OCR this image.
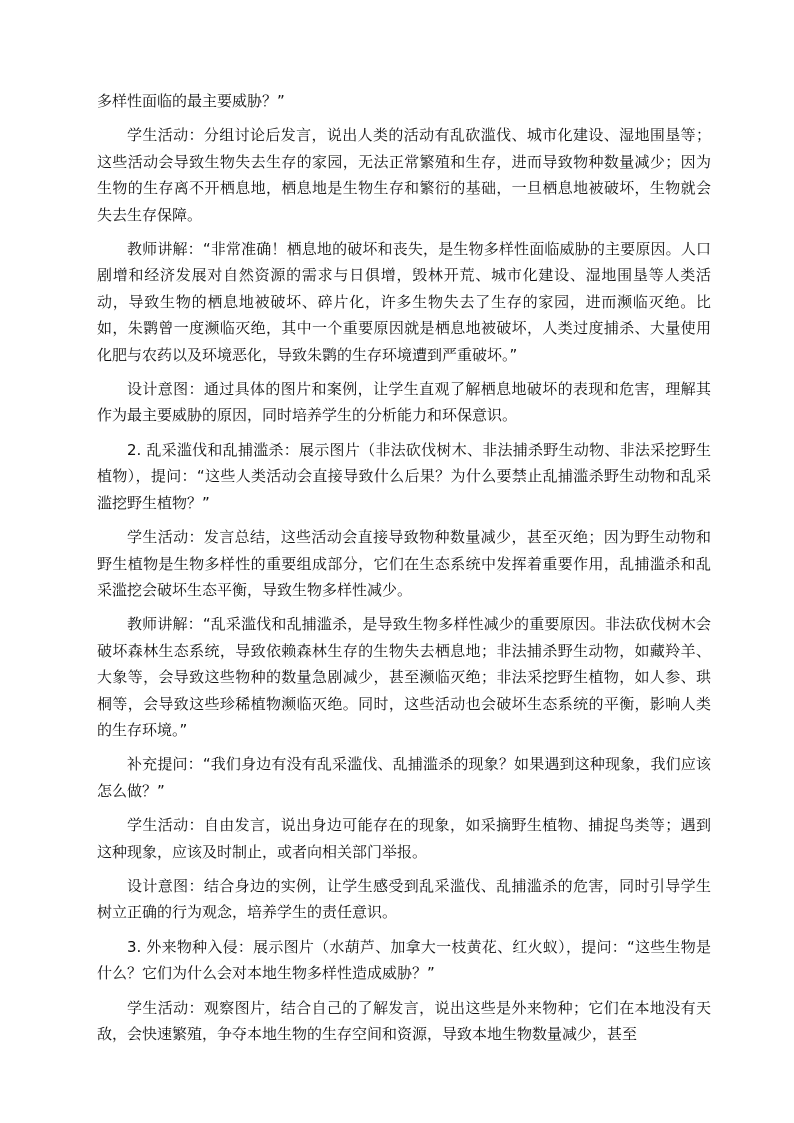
多样性面临的最主要威胁？”

学生活动：分组讨论后发言，说出人类的活动有乱砍滥伐、城市化建设、湿地围垦等；这些活动会导致生物失去生存的家园，无法正常繁殖和生存，进而导致物种数量减少；因为生物的生存离不开栖息地，栖息地是生物生存和繁衍的基础，一旦栖息地被破坏，生物就会失去生存保障。

教师讲解：“非常准确！栖息地的破坏和丧失，是生物多样性面临威胁的主要原因。人口剧增和经济发展对自然资源的需求与日俱增，毁林开荒、城市化建设、湿地围垦等人类活动，导致生物的栖息地被破坏、碎片化，许多生物失去了生存的家园，进而濒临灭绝。比如，朱鹮曾一度濒临灭绝，其中一个重要原因就是栖息地被破坏，人类过度捕杀、大量使用化肥与农药以及环境恶化，导致朱鹮的生存环境遭到严重破坏。”

设计意图：通过具体的图片和案例，让学生直观了解栖息地破坏的表现和危害，理解其作为最主要威胁的原因，同时培养学生的分析能力和环保意识。

2. 乱采滥伐和乱捕滥杀：展示图片（非法砍伐树木、非法捕杀野生动物、非法采挖野生植物），提问：“这些人类活动会直接导致什么后果？为什么要禁止乱捕滥杀野生动物和乱采滥挖野生植物？”

学生活动：发言总结，这些活动会直接导致物种数量减少，甚至灭绝；因为野生动物和野生植物是生物多样性的重要组成部分，它们在生态系统中发挥着重要作用，乱捕滥杀和乱采滥挖会破坏生态平衡，导致生物多样性减少。

教师讲解：“乱采滥伐和乱捕滥杀，是导致生物多样性减少的重要原因。非法砍伐树木会破坏森林生态系统，导致依赖森林生存的生物失去栖息地；非法捕杀野生动物，如藏羚羊、大象等，会导致这些物种的数量急剧减少，甚至濒临灭绝；非法采挖野生植物，如人参、珙桐等，会导致这些珍稀植物濒临灭绝。同时，这些活动也会破坏生态系统的平衡，影响人类的生存环境。”

补充提问：“我们身边有没有乱采滥伐、乱捕滥杀的现象？如果遇到这种现象，我们应该怎么做？”

学生活动：自由发言，说出身边可能存在的现象，如采摘野生植物、捕捉鸟类等；遇到这种现象，应该及时制止，或者向相关部门举报。

设计意图：结合身边的实例，让学生感受到乱采滥伐、乱捕滥杀的危害，同时引导学生树立正确的行为观念，培养学生的责任意识。

3. 外来物种入侵：展示图片（水葫芦、加拿大一枝黄花、红火蚁），提问：“这些生物是什么？它们为什么会对本地生物多样性造成威胁？”

学生活动：观察图片，结合自己的了解发言，说出这些是外来物种；它们在本地没有天敌，会快速繁殖，争夺本地生物的生存空间和资源，导致本地生物数量减少，甚至
